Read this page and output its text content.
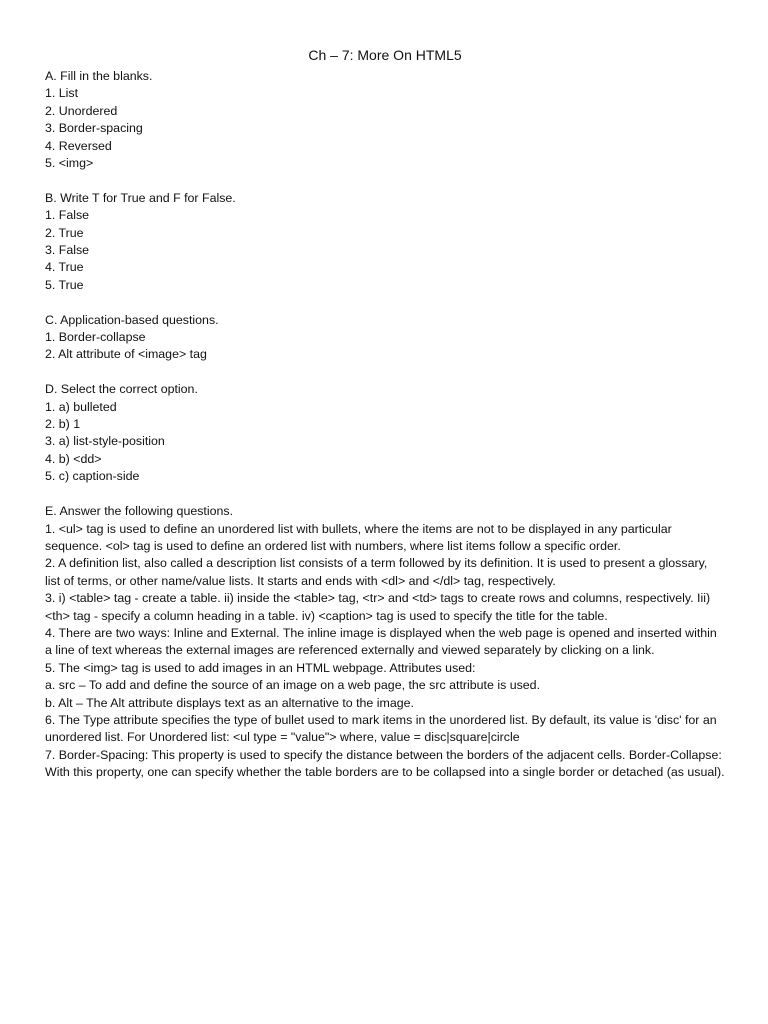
Ch – 7: More On HTML5

A. Fill in the blanks.

1. List

2. Unordered

3. Border-spacing

4. Reversed

5. <img>

B. Write T for True and F for False.

1. False

2. True

3. False

4. True

5. True

C. Application-based questions.

1. Border-collapse

2. Alt attribute of <image> tag

D. Select the correct option.

1. a) bulleted

2. b) 1

3. a) list-style-position

4. b) <dd>

5. c) caption-side

E. Answer the following questions.

1. <ul> tag is used to define an unordered list with bullets, where the items are not to be displayed in any particular sequence. <ol> tag is used to define an ordered list with numbers, where list items follow a specific order.

2. A definition list, also called a description list consists of a term followed by its definition. It is used to present a glossary, list of terms, or other name/value lists. It starts and ends with <dl> and </dl> tag, respectively.

3. i) <table> tag - create a table. ii) inside the <table> tag, <tr> and <td> tags to create rows and columns, respectively. Iii) <th> tag - specify a column heading in a table. iv) <caption> tag is used to specify the title for the table.

4. There are two ways: Inline and External. The inline image is displayed when the web page is opened and inserted within a line of text whereas the external images are referenced externally and viewed separately by clicking on a link.

5. The <img> tag is used to add images in an HTML webpage. Attributes used:

a. src – To add and define the source of an image on a web page, the src attribute is used.

b. Alt – The Alt attribute displays text as an alternative to the image.

6. The Type attribute specifies the type of bullet used to mark items in the unordered list. By default, its value is 'disc' for an unordered list. For Unordered list: <ul type = "value"> where, value = disc|square|circle

7. Border-Spacing: This property is used to specify the distance between the borders of the adjacent cells. Border-Collapse: With this property, one can specify whether the table borders are to be collapsed into a single border or detached (as usual).
